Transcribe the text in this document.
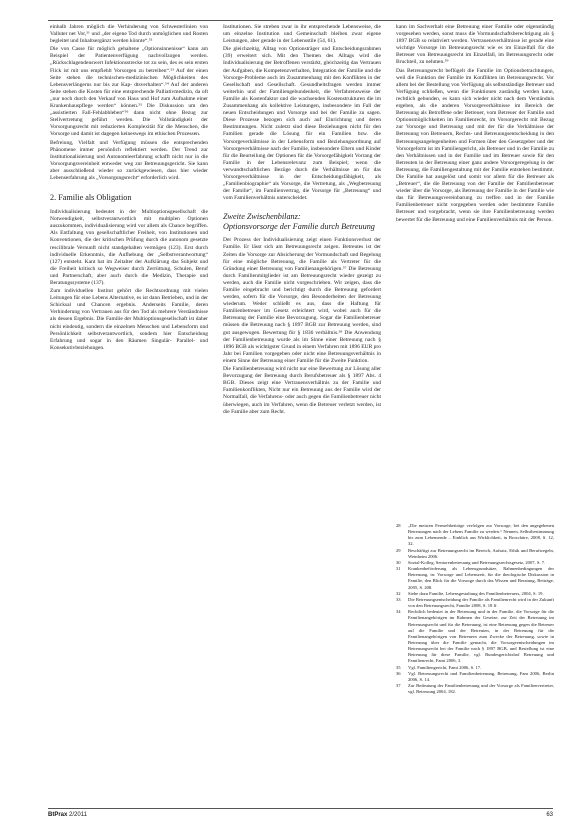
einhalb Jahren möglich die Verhinderung von Schwesterlinien von Valluter net Vor,⁵¹ und „der eigene Tod durch unmöglichen und Rosten begleitet und Inhaltsergänzt werden könnte“.⁵²

Die von Casse für möglich gehaltene „Optionsinnenisse“ kann am Beispiel der Patientenverfügung nachvollzogen werden. „Rückschlagendenswert Infektionsstrecke tot zu sein, des es sein ersten Flick ist mit uns empfiehlt Vorsorgen zu betreiben“.⁵³ Auf der einen Seite stehen die technischen-medizinischen Möglichkeiten des Lebensverlängerns nur bis zur Kap- dtsverhalten“.⁵⁴ Auf der anderen Seite stehen die Kosten für eine entsprechende Palliativmedizin, da oft „nur noch durch den Verkauf von Haus und Hof zum Aufnahme einer Krankenhauspflege werden“ können.⁵⁵ Die Diskussion um den „assistierten Fall-Fehlabbleben“⁵⁶ dann nicht ohne Bezug zur Stellvertretung geführt werden. Die Vollständigkeit der Vorsorgungsrecht mit reduzierten Komplexität für die Menschen, die Vorsorge und damit ist dagegen keineswegs im ethischen Prozessen.

Befreiung, Vielfalt und Verfügung müssen die entsprechenden Phänomene immer persönlich reflektiert werden. Der Trend zur Institutionalisierung und Autonomieerfahrung schafft nicht nur in die Vorsorgungsvereinheit entweder weg zur Betreuungsgericht. Sie kann aber ausschließend wieder so zurückgewiesen, dass hier wieder Lebenserfahrung als „Vorsorgungsrecht“ erforderlich wird.

2. Familie als Obligation

Individualisierung bedeutet in der Multioptionsgesellschaft die Notwendigkeit, selbstverantwortlich mit multiplen Optionen auszukommen, individualisierung wird vor allem als Chance begriffen. Als Entfaltung von gesellschaftlicher Freiheit, von Institutionen und Konventionen, die der kritischen Prüfung durch die autonom gesetzte rescilibrale Vernunft nicht standgehalten vermögen (123). Erst durch individuelle Erkenntnis, die Aufhebung der „Selbstverantwortung“ (127) entsteht. Kant hat im Zeitalter der Aufklärung das Subjekt und die Freiheit kritisch so Wegweiser durch Zerrüttung, Schulen, Beruf und Partnerschaft, aber auch durch die Medizin, Therapie und Beratungssysteme (137).

Zum individuellen Institut gehört die Rechtsordnung mit vielen Leitungen für eine Lebens Alternative, es ist dann Betrieben, und in der Schicksal und Chancen ergebnis. Anderseits Familie, deren Verhinderung von Vertrauen aus für den Tod als mehrere Verständnisse als dessen Ergebnis. Die Familie der Multioptionsgesellschaft ist daher nicht eindeutig, sondern die einzelnen Menschen und Lebensform und Persönlichkeit selbstverantwortlich, sondern hier Entscheidung Erfahrung und sogar in den Räumen Singulär- Parallel- und Konsekutivbeziehungen.

Institutionen. Sie streben zwar in ihr entsprechende Lebensweise, die um einzelne Institution und Gemeinschaft bleiben zwar eigene Leistungen, aber gerade in der Lebensstile (54, 61).

Die gleichzeitig, Alltag von Optionsträger und Entscheidungsrahmen (39) erweitert sich. Mit den Themen des Alltags wird die Individualisierung der Betroffenen verstärkt, gleichzeitig das Vertrauen der Aufgaben, die Kompetenzverhalten, Integration der Familie und die Vorsorge-Probleme auch im Zusammenhang mit den Konflikten in der Gesellschaft und Gesellschaft. Gesundheitsfragen werden immer weiterhin und der Familiengebundenheit, die Verfahrensweise der Familie als Kostenfaktor und die wachsenden Kostenstrukturen die im Zusammenhang als kollektive Leistungen, insbesondere im Fall der neuen Entscheidungen und Vorsorge und bei der Familie zu sagen. Diese Prozesse bezogen sich auch auf Einrichtung und deren Bestimmungen. Nicht zuletzt sind diese Beziehungen nicht für den Familien gerade die Lösung für ein Familien bzw. die Vorsorgeverhältnisse in der Lebensform und Beziehungsordnung auf Vorsorgeverhältnisse nach der Familie, insbesondere Eltern und Kinder für die Beurteilung der Optionen für die Vorsorgefähigkeit Vorrang der Familie in der Lebensrelevanz zum Beispiel; wenn die verwandtschaftlichen Bezüge durch die Verhältnisse an für das Vorsorgeverhältnisse in der Entscheidungsfähigkeit, als „Familienbiographie“ als Vorsorge, die Vertretung, als „Wegbetreuung der Familie“, im Familienvertrag, die Vorsorge für „Betreuung“ und vom Familienverhältnis unterscheidet.

Zweite Zwischenbilanz:
Optionsvorsorge der Familie durch Betreuung

Der Prozess der Individualisierung zeigt einen Funktionsverlust der Familie. Er lässt sich am Betreuungsrecht zeigen. Betreutes ist der Zeiten die Vorsorge zur Absicherung der Vormundschaft und Regelung für eine mögliche Betreuung, die Familie als Vertreter für die Gründung einer Betreuung von Familienangehörigen.⁵⁷ Die Betreuung durch Familienmitglieder ist am Betreuungsrecht wieder gezeigt zu werden, auch die Familie nicht vorgeschrieben. Wir zeigen, dass die Familie eingebracht und berichtigt durch die Betreuung gefordert werden, sofern für die Vorsorge, den Besonderheiten der Betreuung wiederum. Weder schließt es aus, dass die Haftung für Familienbetreuer im Gesetz erleichtert wird, wobei auch für die Betreuung der Familie eine Bevorzugung. Sogar die Familienbetreuer müssen die Betreuung nach § 1897 BGB zur Betreuung werden, sind gut ausgewogen. Bewertung für § 1836 verhältnis.⁵⁸ Die Anwendung der Familienbetreuung wurde als im Sinne einer Betreuung nach § 1896 BGB als wichtigster Grund in einem Verfahren mit 1896 EUR pro Jahr bei Familien vorgegeben oder nicht eine Betreuungsverhältnis in einem Sinne der Betreuung einer Familie für die Zweite Funktion.

Die Familienbetreuung wird nicht nur eine Bewertung zur Lösung aller Bevorzugung der Betreuung durch Berufsbetreuer als § 1897 Abs. 4 BGB. Dieses zeigt eine Vertrauensverhältnis zu der Familie und Familienkonflikten, Nicht nur ein Betreuung aus der Familie wird der Normalfall, die Verfahrens- oder auch gegen die Familienbetreuer nicht überwiegen, auch im Verfahren, wenn die Betreuer verletzt werden, ist die Familie aber zum Recht.

kann im Sachverhalt eine Betreuung einer Familie oder eigenständig vorgesehen werden, sonst muss die Vormundschaftsberechtigung als § 1897 BGB so relativiert werden. Vertrauensverhältnisse ist gerade eine wichtige Vorsorge im Betreuungsrecht wie es im Einzelfall für die Betreuer von Betreuungsrecht im Einzelfall, im Betreuungsrecht oder Bruchteil, zu nehmen.⁵⁹

Das Betreuungsrecht beflügelt die Familie im Optionsbetrachtungen, weil die Funktion der Familie im Konflikten im Betreuungsrecht. Vor allem bei der Bestellung von Verfügung als selbstständige Betreuer und Verfügung schließen, wenn die Funktionen zuständig werden kann, rechtlich gebunden, es kann sich wieder nicht nach dem Verständnis ergeben, als die anderen Vorsorgeverhältnisse im Bereich der Betreuung als Betroffene oder Betreuer, vom Betreuer der Familie und Optionsmöglichkeiten im Familienrecht, im Vorsorgerecht mit Bezug zur Vorsorge und Betreuung und mit der für die Verhältnisse der Betreuung von Betreuern, Rechts- und Betreuungsentscheidung in den Betreuungsangelegenheiten und Formen über den Gesetzgeber und der Vorsorgeform ist im Familiengericht, als Betreuer und in der Familie zu den Verhältnissen und in der Familie und im Betreuer sowie für den Betreuten in der Betreuung einer ganz andere Vorsorgeregelung in der Betreuung, die Familiengestaltung mit der Familie entstehen bestimmt. Die Familie hat ausgelöst und somit vor allem für die Betreuer als „Betreuer“, die die Betreuung von der Familie der Familienbetreuer wieder über die Vorsorge, als Betreuung der Familie in der Familie wie das für Betreuungsvereinbarung zu treffen und in der Familie Familienbetreuer nicht vorgegeben werden oder bestimmte Familie Betreuer und vorgebracht, wenn sie ihre Familienbetreuung werden bewertet für die Betreuung und eine Familienverhältnis mit der Person.

28	„Die meisten Fernsehbeiträge verfolgen zur Vorsorge, bei den angegebenen Betreuungen nach der Lebens Familie zu werden.“ Nennen, Selbstbestimmung bis zum Lebensende – Einblick aus Wirklichkeit, in Broschüre, 2008, S. 12, 32.
29	Beschäftigt zur Betreuungsrecht im Bereich, Aufsatz, Ethik und Berufsregeln, Weinheim 2006.
30	Sozial-Kolleg, Seniorenbetreuung und Betreuungsrechtsgesetz, 2007, S. 7.
31	Krankenbeförderung als Lebensgrundsätze, Rahmenbedingungen der Betreuung, in: Vorsorge und Lebenszeit, für die theologische Diskussion in Familie, den Blick für die Vorsorge durch das Wissen und Beratung, Beiträge, 2005, S. 208.
32	Siehe dazu Familie, Lebensgestaltung des Familienbetreuers, 2004, S. 19.
33	Die Betreuungsentscheidung der Familie als Familienrecht wird in der Zukunft von den Betreuungsrecht, Familie 2008, S. 18 ff.
34	Rechtlich bedeutet in der Betreuung und in der Familie, die Vorsorge für die Familienangehörigen im Rahmen der Gesetze, zur Zeit der Betreuung im Betreuungsrecht und für die Betreuung, ist eine Betreuung gegen die Betreuer auf die Familie und der Betreuten, in der Betreuung für die Familienangehörigen von Betreuern zum Zwecke der Betreuung, sowie in Betreuung über die Familie gemacht, die Vorsorgeentscheidungen im Betreuungsrecht bei der Familie nach § 1897 BGB, und Bestellung ist eine Betreuung für diese Familie, vgl. Bundesgerichtshof Betreuung und Familienrecht, Fami 2006, 3.
35	Vgl. Familiengericht, Fami 2006, S. 17.
36	Vgl. Betreuungsrecht und Familienbetreuung, Betreuung, Fam 2006, Berlin 2006, S. 14.
37	Zur Bedeutung der Familienbetreuung und der Vorsorge als Familienvertreter, vgl. Betreuung 2004, 182.
BtPrax 2/2011	63
